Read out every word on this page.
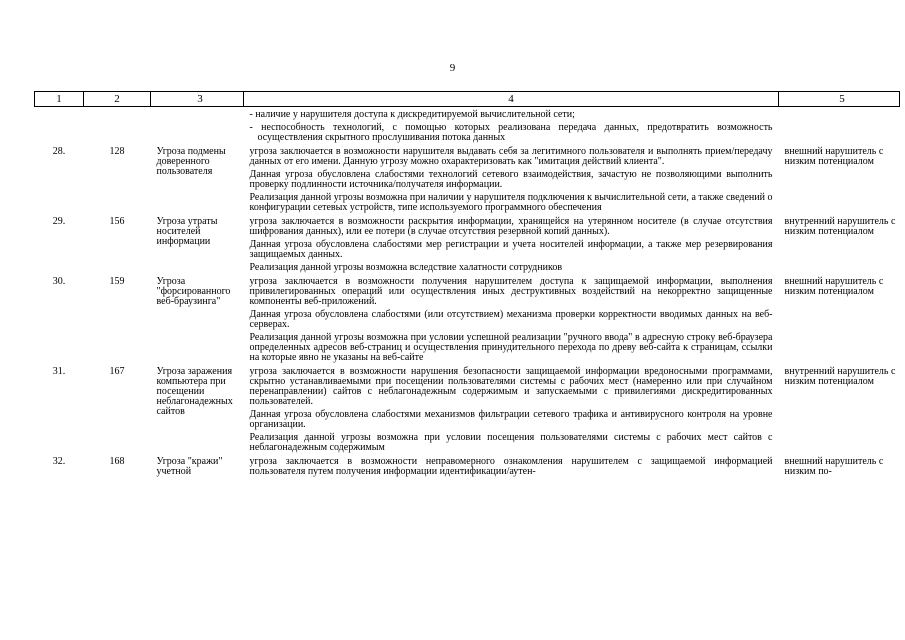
9
1	2	3	4	5

			- наличие у нарушителя доступа к дискредитируемой вычислительной сети;

- неспособность технологий, с помощью которых реализована передача данных, предотвратить возможность осуществления скрытного прослушивания потока данных	

28.	128	Угроза подмены доверенного пользователя	угроза заключается в возможности нарушителя выдавать себя за легитимного пользователя и выполнять прием/передачу данных от его имени. Данную угрозу можно охарактеризовать как "имитация действий клиента".

Данная угроза обусловлена слабостями технологий сетевого взаимодействия, зачастую не позволяющими выполнить проверку подлинности источника/получателя информации.

Реализация данной угрозы возможна при наличии у нарушителя подключения к вычислительной сети, а также сведений о конфигурации сетевых устройств, типе используемого программного обеспечения	внешний нарушитель с низким потенциалом
29.	156	Угроза утраты носителей информации	угроза заключается в возможности раскрытия информации, хранящейся на утерянном носителе (в случае отсутствия шифрования данных), или ее потери (в случае отсутствия резервной копий данных).

Данная угроза обусловлена слабостями мер регистрации и учета носителей информации, а также мер резервирования защищаемых данных.

Реализация данной угрозы возможна вследствие халатности сотрудников	внутренний нарушитель с низким потенциалом
30.	159	Угроза "форсированного веб-браузинга"	угроза заключается в возможности получения нарушителем доступа к защищаемой информации, выполнения привилегированных операций или осуществления иных деструктивных воздействий на некорректно защищенные компоненты веб-приложений.

Данная угроза обусловлена слабостями (или отсутствием) механизма проверки корректности вводимых данных на веб-серверах.

Реализация данной угрозы возможна при условии успешной реализации "ручного ввода" в адресную строку веб-браузера определенных адресов веб-страниц и осуществления принудительного перехода по древу веб-сайта к страницам, ссылки на которые явно не указаны на веб-сайте	внешний нарушитель с низким потенциалом
31.	167	Угроза заражения компьютера при посещении неблагонадежных сайтов	угроза заключается в возможности нарушения безопасности защищаемой информации вредоносными программами, скрытно устанавливаемыми при посещении пользователями системы с рабочих мест (намеренно или при случайном перенаправлении) сайтов с неблагонадежным содержимым и запускаемыми с привилегиями дискредитированных пользователей.

Данная угроза обусловлена слабостями механизмов фильтрации сетевого трафика и антивирусного контроля на уровне организации.

Реализация данной угрозы возможна при условии посещения пользователями системы с рабочих мест сайтов с неблагонадежным содержимым	внутренний нарушитель с низким потенциалом
32.	168	Угроза "кражи" учетной	угроза заключается в возможности неправомерного ознакомления нарушителем с защищаемой информацией пользователя путем получения информации идентификации/аутен-	внешний нарушитель с низким по-
